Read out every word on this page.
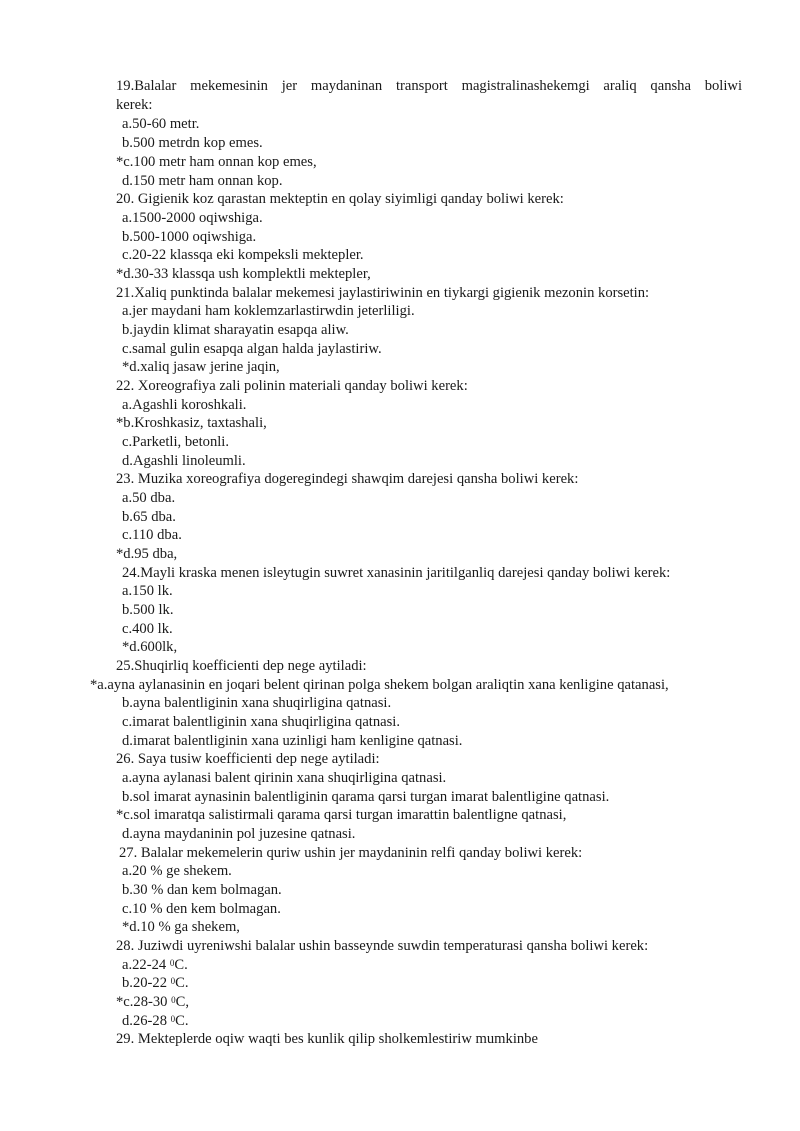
19.Balalar mekemesinin jer maydaninan transport magistralinashekemgi araliq qansha boliwi
kerek:
a.50-60 metr.
b.500 metrdn kop emes.
*c.100 metr ham onnan kop emes,
d.150 metr ham onnan kop.
20. Gigienik koz qarastan mekteptin en qolay siyimligi qanday boliwi kerek:
a.1500-2000 oqiwshiga.
b.500-1000 oqiwshiga.
c.20-22 klassqa eki kompeksli mektepler.
*d.30-33 klassqa ush komplektli mektepler,
21.Xaliq punktinda balalar mekemesi jaylastiriwinin en tiykargi gigienik mezonin korsetin:
a.jer maydani ham koklemzarlastirwdin jeterliligi.
b.jaydin klimat sharayatin esapqa aliw.
c.samal gulin esapqa algan halda jaylastiriw.
*d.xaliq jasaw jerine jaqin,
22. Xoreografiya zali polinin materiali qanday boliwi kerek:
a.Agashli koroshkali.
*b.Kroshkasiz, taxtashali,
c.Parketli, betonli.
d.Agashli linoleumli.
23. Muzika xoreografiya dogeregindegi shawqim darejesi qansha boliwi kerek:
a.50 dba.
b.65 dba.
c.110 dba.
*d.95 dba,
24.Mayli kraska menen isleytugin suwret xanasinin jaritilganliq darejesi qanday boliwi kerek:
a.150 lk.
b.500 lk.
c.400 lk.
*d.600lk,
25.Shuqirliq koefficienti dep nege aytiladi:
*a.ayna aylanasinin en joqari belent qirinan polga shekem bolgan araliqtin xana kenligine qatanasi,
b.ayna balentliginin xana shuqirligina qatnasi.
c.imarat balentliginin xana shuqirligina qatnasi.
d.imarat balentliginin xana uzinligi ham kenligine qatnasi.
26. Saya tusiw koefficienti dep nege aytiladi:
a.ayna aylanasi balent qirinin xana shuqirligina qatnasi.
b.sol imarat aynasinin balentliginin qarama qarsi turgan imarat balentligine qatnasi.
*c.sol imaratqa salistirmali qarama qarsi turgan imarattin balentligne qatnasi,
d.ayna maydaninin pol juzesine qatnasi.
27. Balalar mekemelerin quriw ushin jer maydaninin relfi qanday boliwi kerek:
a.20 % ge shekem.
b.30 % dan kem bolmagan.
c.10 % den kem bolmagan.
*d.10 % ga shekem,
28. Juziwdi uyreniwshi balalar ushin basseynde suwdin temperaturasi qansha boliwi kerek:
a.22-24 $^0$C.
b.20-22 $^0$C.
*c.28-30 $^0$C,
d.26-28 $^0$C.
29. Mekteplerde oqiw waqti bes kunlik qilip sholkemlestiriw mumkinbe
